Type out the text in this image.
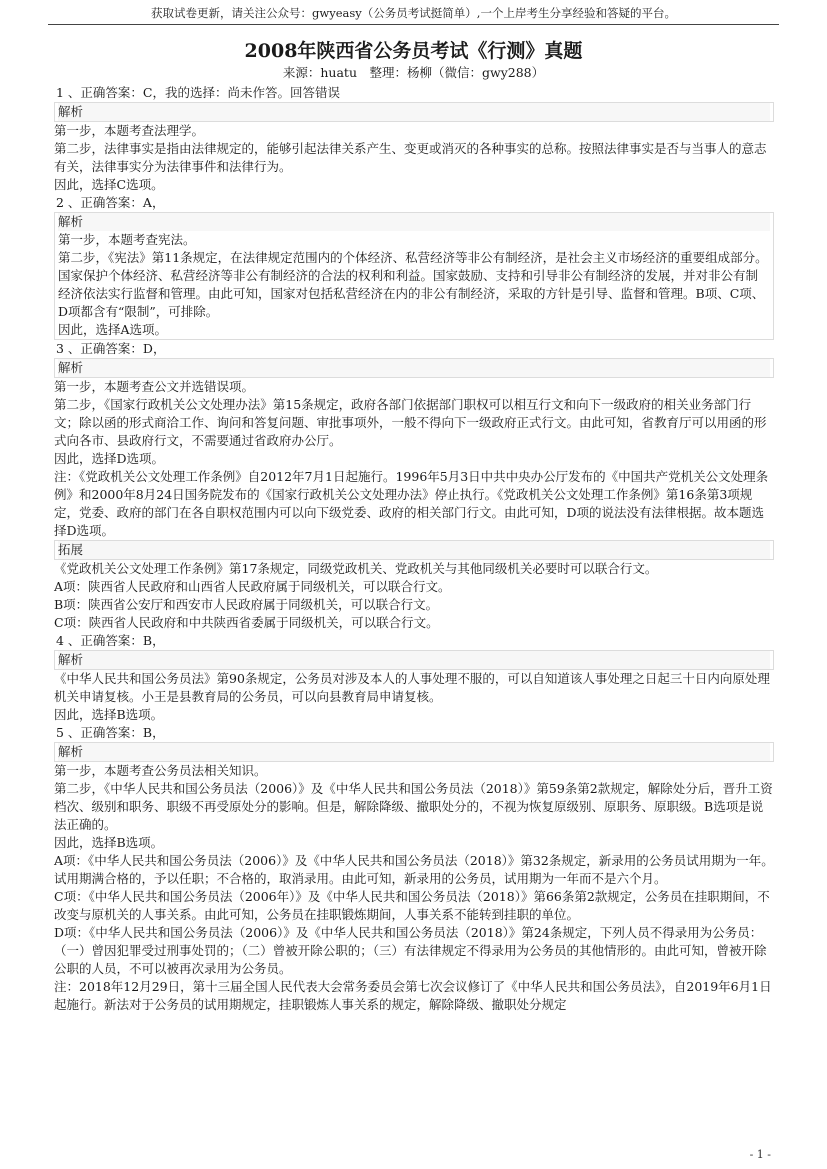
获取试卷更新，请关注公众号：gwyeasy（公务员考试挺简单）,一个上岸考生分享经验和答疑的平台。
2008年陕西省公务员考试《行测》真题
来源：huatu　整理：杨柳（微信：gwy288）

1 、正确答案：C，我的选择：尚未作答。回答错误

解析

第一步，本题考查法理学。

第二步，法律事实是指由法律规定的，能够引起法律关系产生、变更或消灭的各种事实的总称。按照法律事实是否与当事人的意志有关，法律事实分为法律事件和法律行为。

因此，选择C选项。

2 、正确答案：A，

解析

第一步，本题考查宪法。

第二步，《宪法》第11条规定，在法律规定范围内的个体经济、私营经济等非公有制经济，是社会主义市场经济的重要组成部分。国家保护个体经济、私营经济等非公有制经济的合法的权利和利益。国家鼓励、支持和引导非公有制经济的发展，并对非公有制经济依法实行监督和管理。由此可知，国家对包括私营经济在内的非公有制经济，采取的方针是引导、监督和管理。B项、C项、D项都含有“限制”，可排除。

因此，选择A选项。

3 、正确答案：D，

解析

第一步，本题考查公文并选错误项。

第二步，《国家行政机关公文处理办法》第15条规定，政府各部门依据部门职权可以相互行文和向下一级政府的相关业务部门行文；除以函的形式商洽工作、询问和答复问题、审批事项外，一般不得向下一级政府正式行文。由此可知，省教育厅可以用函的形式向各市、县政府行文，不需要通过省政府办公厅。

因此，选择D选项。

注：《党政机关公文处理工作条例》自2012年7月1日起施行。1996年5月3日中共中央办公厅发布的《中国共产党机关公文处理条例》和2000年8月24日国务院发布的《国家行政机关公文处理办法》停止执行。《党政机关公文处理工作条例》第16条第3项规定，党委、政府的部门在各自职权范围内可以向下级党委、政府的相关部门行文。由此可知，D项的说法没有法律根据。故本题选择D选项。

拓展

《党政机关公文处理工作条例》第17条规定，同级党政机关、党政机关与其他同级机关必要时可以联合行文。

A项：陕西省人民政府和山西省人民政府属于同级机关，可以联合行文。

B项：陕西省公安厅和西安市人民政府属于同级机关，可以联合行文。

C项：陕西省人民政府和中共陕西省委属于同级机关，可以联合行文。

4 、正确答案：B，

解析

《中华人民共和国公务员法》第90条规定，公务员对涉及本人的人事处理不服的，可以自知道该人事处理之日起三十日内向原处理机关申请复核。小王是县教育局的公务员，可以向县教育局申请复核。

因此，选择B选项。

5 、正确答案：B，

解析

第一步，本题考查公务员法相关知识。

第二步，《中华人民共和国公务员法（2006）》及《中华人民共和国公务员法（2018）》第59条第2款规定，解除处分后，晋升工资档次、级别和职务、职级不再受原处分的影响。但是，解除降级、撤职处分的，不视为恢复原级别、原职务、原职级。B选项是说法正确的。

因此，选择B选项。

A项：《中华人民共和国公务员法（2006）》及《中华人民共和国公务员法（2018）》第32条规定，新录用的公务员试用期为一年。试用期满合格的，予以任职；不合格的，取消录用。由此可知，新录用的公务员，试用期为一年而不是六个月。

C项：《中华人民共和国公务员法（2006年）》及《中华人民共和国公务员法（2018）》第66条第2款规定，公务员在挂职期间，不改变与原机关的人事关系。由此可知，公务员在挂职锻炼期间，人事关系不能转到挂职的单位。

D项：《中华人民共和国公务员法（2006）》及《中华人民共和国公务员法（2018）》第24条规定，下列人员不得录用为公务员：

（一）曾因犯罪受过刑事处罚的；（二）曾被开除公职的；（三）有法律规定不得录用为公务员的其他情形的。由此可知，曾被开除公职的人员，不可以被再次录用为公务员。

注：2018年12月29日，第十三届全国人民代表大会常务委员会第七次会议修订了《中华人民共和国公务员法》，自2019年6月1日起施行。新法对于公务员的试用期规定，挂职锻炼人事关系的规定，解除降级、撤职处分规定

- 1 -
